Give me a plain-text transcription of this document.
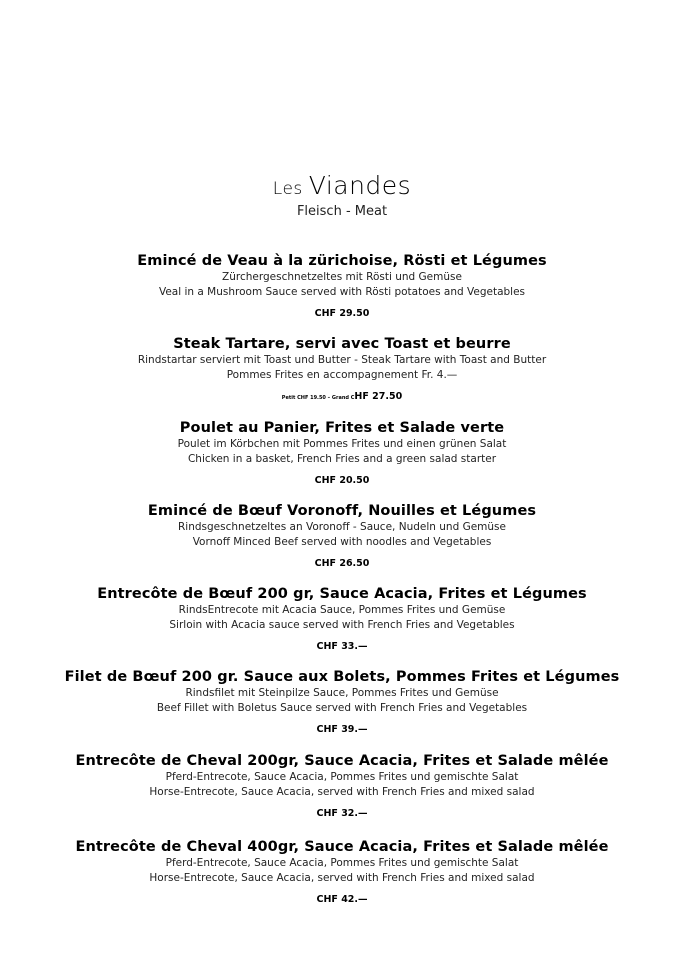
Les Viandes
Fleisch - Meat
Emincé de Veau à la zürichoise, Rösti et Légumes
Zürchergeschnetzeltes mit Rösti und Gemüse
Veal in a Mushroom Sauce served with Rösti potatoes and Vegetables
CHF 29.50
Steak Tartare, servi avec Toast et beurre
Rindstartar serviert mit Toast und Butter - Steak Tartare with Toast and Butter
Pommes Frites en accompagnement Fr. 4.—
Petit CHF 19.50 – Grand CHF 27.50
Poulet au Panier, Frites et Salade verte
Poulet im Körbchen mit Pommes Frites und einen grünen Salat
Chicken in a basket, French Fries and a green salad starter
CHF 20.50
Emincé de Bœuf Voronoff, Nouilles et Légumes
Rindsgeschnetzeltes an Voronoff - Sauce, Nudeln und Gemüse
Vornoff Minced Beef served with noodles and Vegetables
CHF 26.50
Entrecôte de Bœuf 200 gr, Sauce Acacia, Frites et Légumes
RindsEntrecote mit Acacia Sauce, Pommes Frites und Gemüse
Sirloin with Acacia sauce served with French Fries and Vegetables
CHF 33.—
Filet de Bœuf 200 gr. Sauce aux Bolets, Pommes Frites et Légumes
Rindsfilet mit Steinpilze Sauce, Pommes Frites und Gemüse
Beef Fillet with Boletus Sauce served with French Fries and Vegetables
CHF 39.—
Entrecôte de Cheval 200gr, Sauce Acacia, Frites et Salade mêlée
Pferd-Entrecote, Sauce Acacia, Pommes Frites und gemischte Salat
Horse-Entrecote, Sauce Acacia, served with French Fries and mixed salad
CHF 32.—
Entrecôte de Cheval 400gr, Sauce Acacia, Frites et Salade mêlée
Pferd-Entrecote, Sauce Acacia, Pommes Frites und gemischte Salat
Horse-Entrecote, Sauce Acacia, served with French Fries and mixed salad
CHF 42.—
